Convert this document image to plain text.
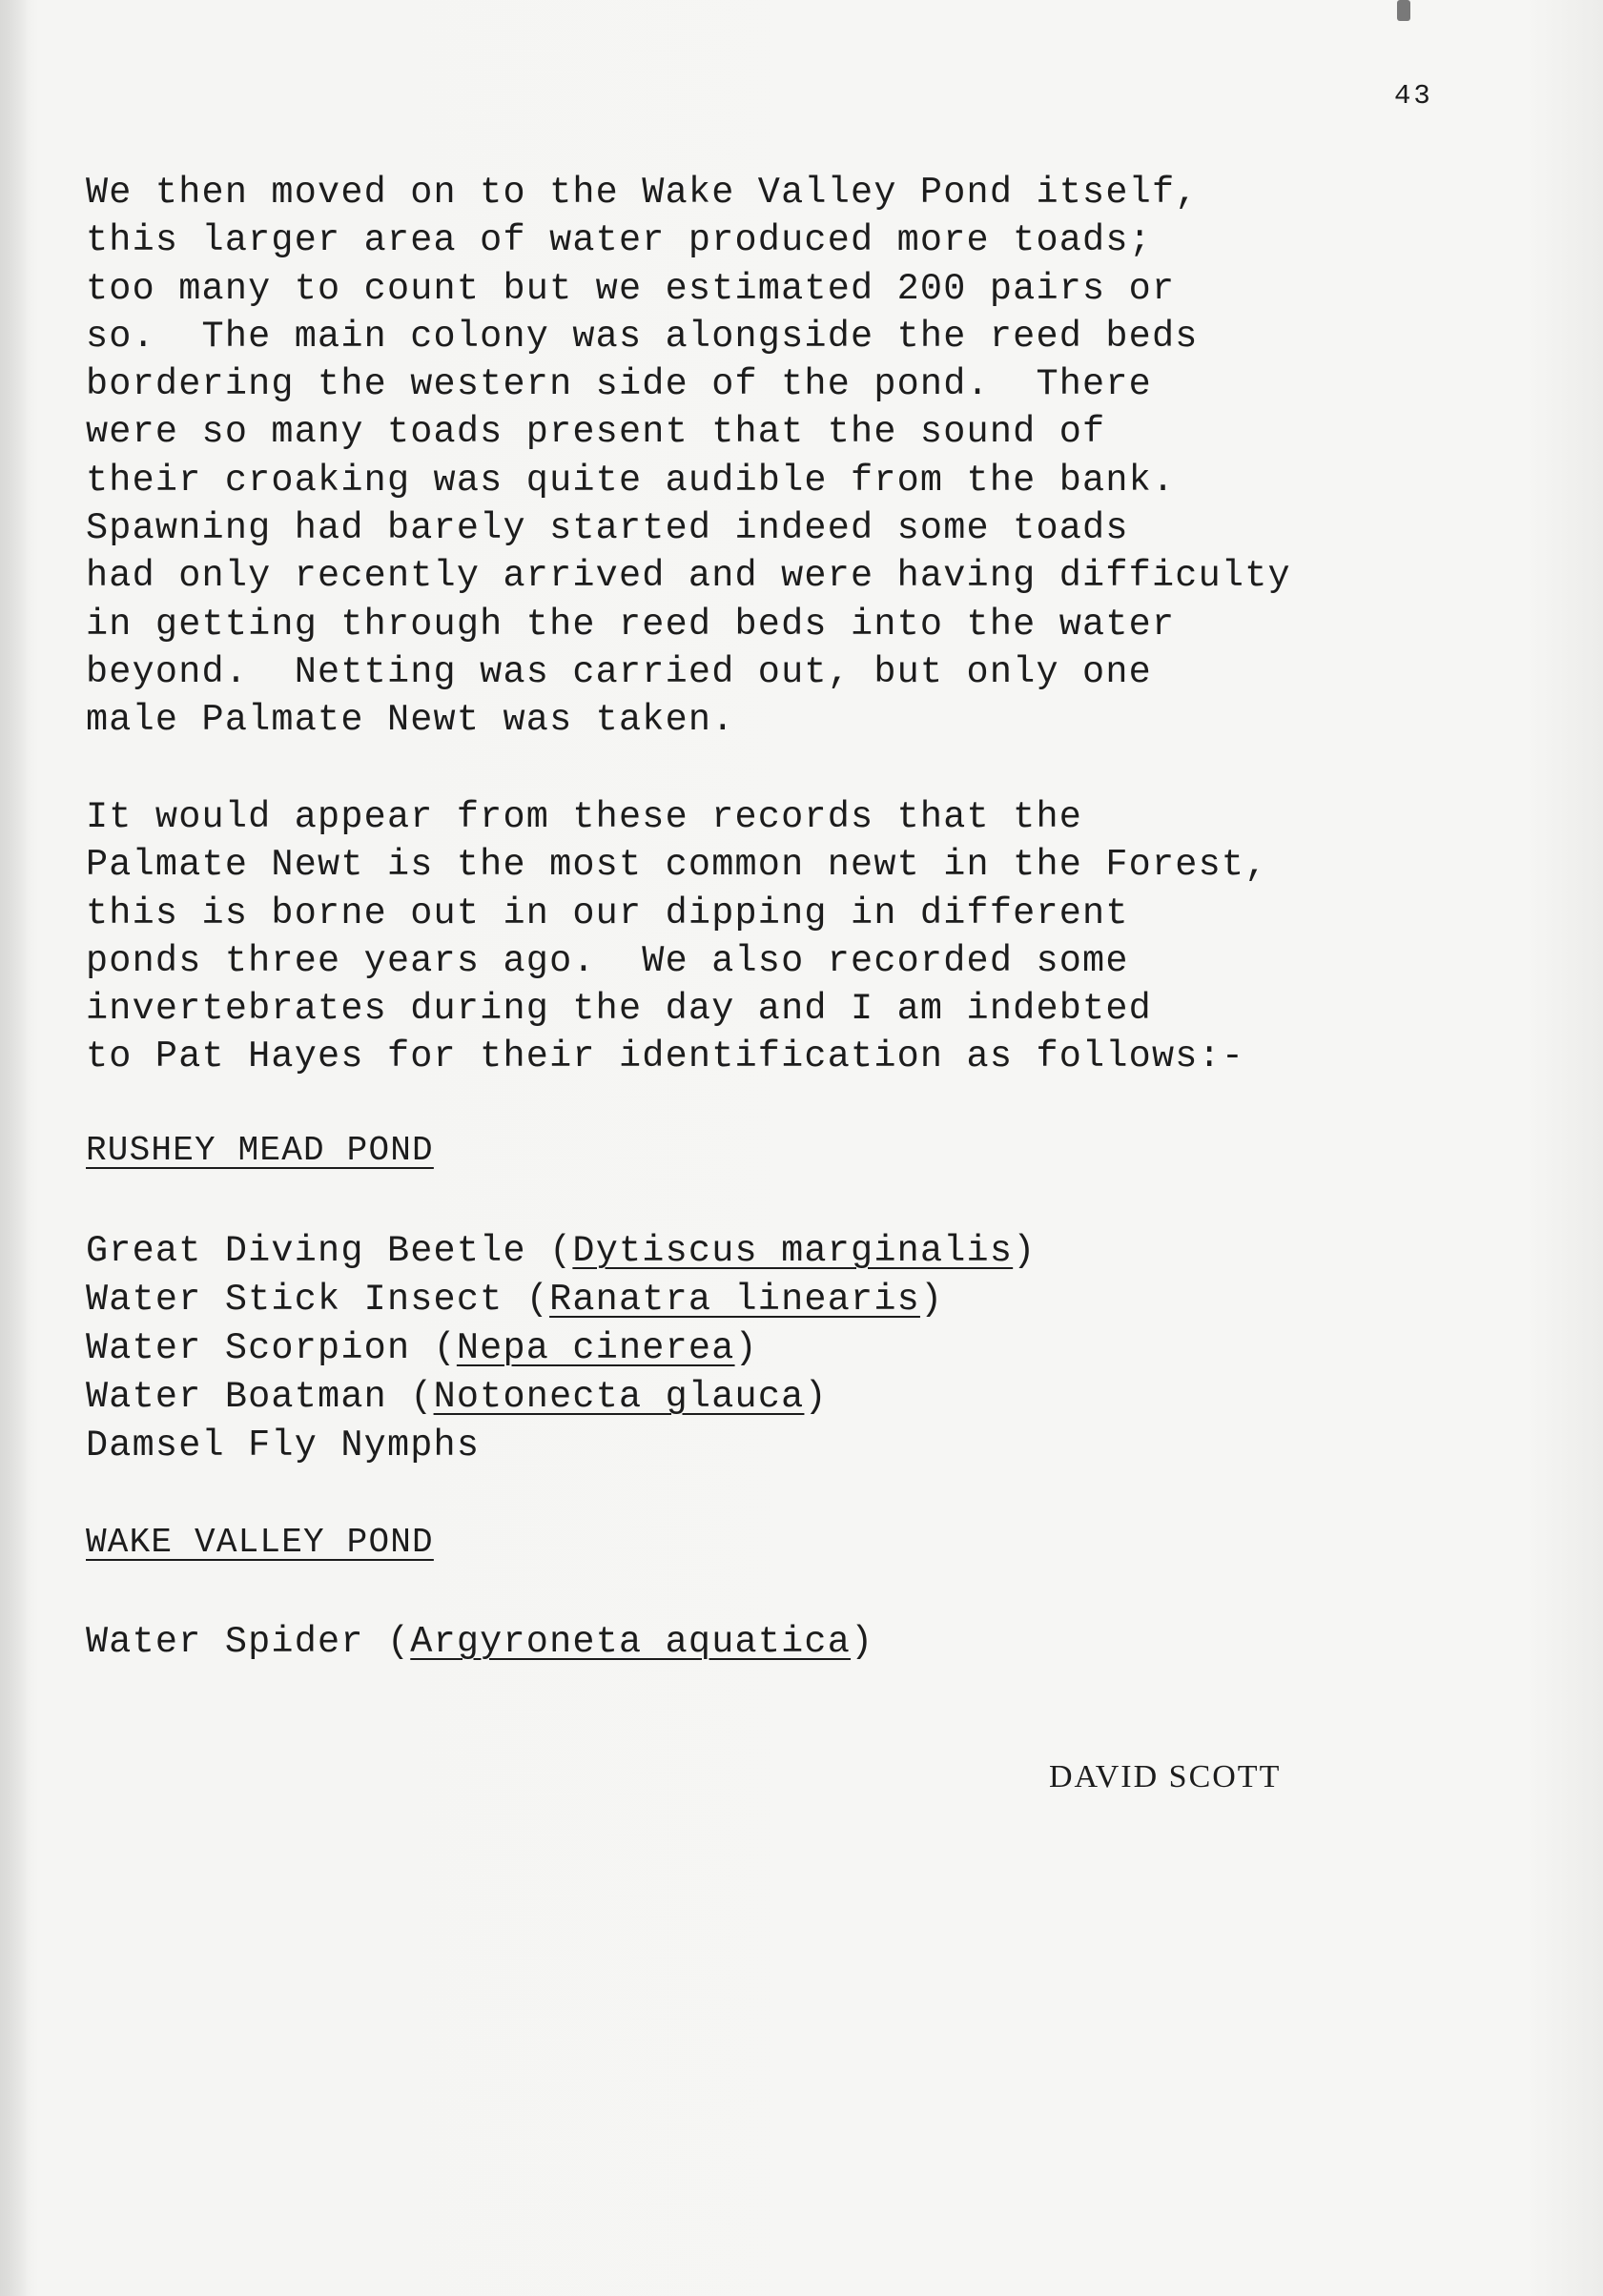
43
We then moved on to the Wake Valley Pond itself,
this larger area of water produced more toads;
too many to count but we estimated 200 pairs or
so.  The main colony was alongside the reed beds
bordering the western side of the pond.  There
were so many toads present that the sound of
their croaking was quite audible from the bank.
Spawning had barely started indeed some toads
had only recently arrived and were having difficulty
in getting through the reed beds into the water
beyond.  Netting was carried out, but only one
male Palmate Newt was taken.
It would appear from these records that the
Palmate Newt is the most common newt in the Forest,
this is borne out in our dipping in different
ponds three years ago.  We also recorded some
invertebrates during the day and I am indebted
to Pat Hayes for their identification as follows:-
RUSHEY MEAD POND
Great Diving Beetle (Dytiscus marginalis)
Water Stick Insect (Ranatra linearis)
Water Scorpion (Nepa cinerea)
Water Boatman (Notonecta glauca)
Damsel Fly Nymphs
WAKE VALLEY POND
Water Spider (Argyroneta aquatica)
DAVID SCOTT
